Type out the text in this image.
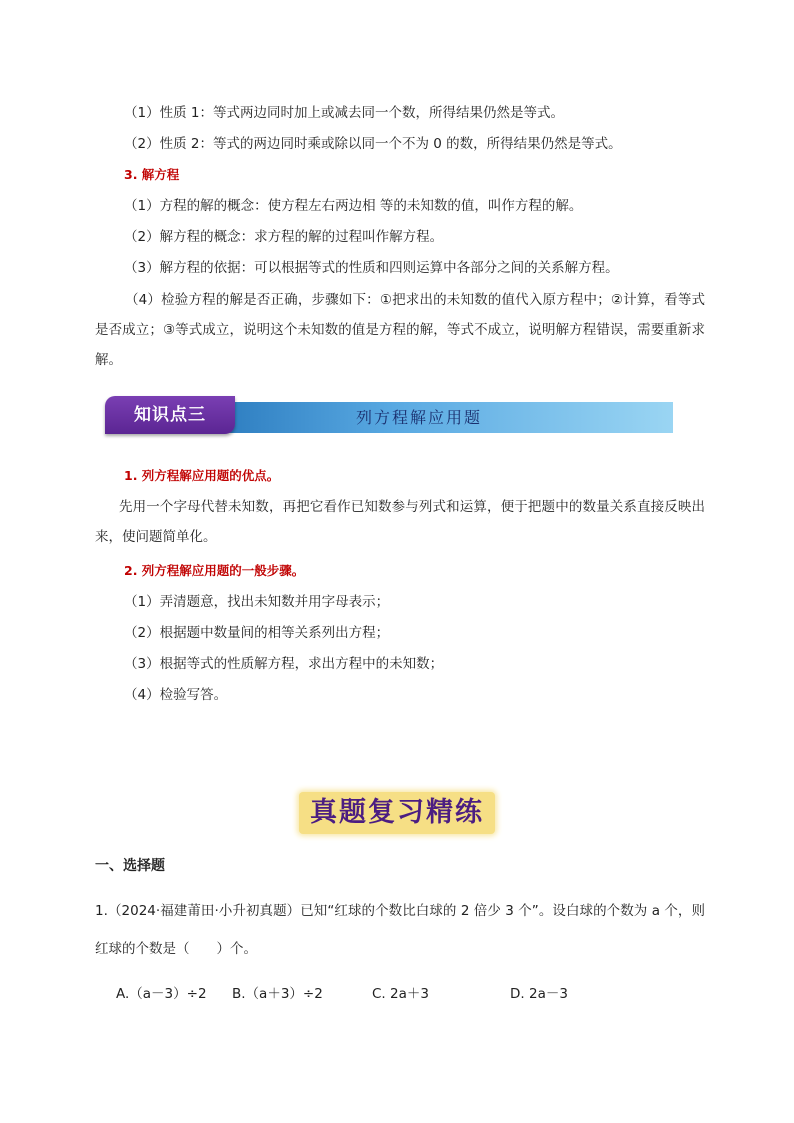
（1）性质 1：等式两边同时加上或减去同一个数，所得结果仍然是等式。
（2）性质 2：等式的两边同时乘或除以同一个不为 0 的数，所得结果仍然是等式。
3. 解方程
（1）方程的解的概念：使方程左右两边相 等的未知数的值，叫作方程的解。
（2）解方程的概念：求方程的解的过程叫作解方程。
（3）解方程的依据：可以根据等式的性质和四则运算中各部分之间的关系解方程。
（4）检验方程的解是否正确，步骤如下：①把求出的未知数的值代入原方程中；②计算，看等式是否成立；③等式成立，说明这个未知数的值是方程的解，等式不成立，说明解方程错误，需要重新求解。
列方程解应用题
知识点三
1. 列方程解应用题的优点。
先用一个字母代替未知数，再把它看作已知数参与列式和运算，便于把题中的数量关系直接反映出来，使问题简单化。
2. 列方程解应用题的一般步骤。
（1）弄清题意，找出未知数并用字母表示；
（2）根据题中数量间的相等关系列出方程；
（3）根据等式的性质解方程，求出方程中的未知数；
（4）检验写答。
真题复习精练
一、选择题
1.（2024·福建莆田·小升初真题）已知“红球的个数比白球的 2 倍少 3 个”。设白球的个数为 a 个，则红球的个数是（　　）个。
A.（a－3）÷2 B.（a＋3）÷2	C. 2a＋3	D. 2a－3
